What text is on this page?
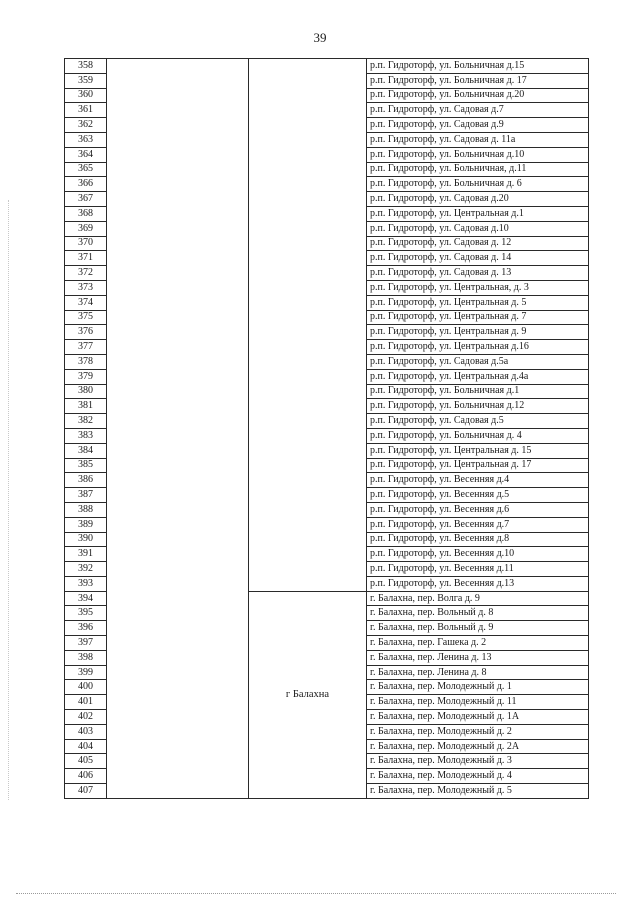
39
358			р.п. Гидроторф, ул. Больничная д.15
359			р.п. Гидроторф, ул. Больничная д. 17
360			р.п. Гидроторф, ул. Больничная д.20
361			р.п. Гидроторф, ул. Садовая д.7
362			р.п. Гидроторф, ул. Садовая д.9
363			р.п. Гидроторф, ул. Садовая д. 11а
364			р.п. Гидроторф, ул. Больничная д.10
365			р.п. Гидроторф, ул. Больничная, д.11
366			р.п. Гидроторф, ул. Больничная д. 6
367			р.п. Гидроторф, ул. Садовая д.20
368			р.п. Гидроторф, ул. Центральная д.1
369			р.п. Гидроторф, ул. Садовая д.10
370			р.п. Гидроторф, ул. Садовая д. 12
371			р.п. Гидроторф, ул. Садовая д. 14
372			р.п. Гидроторф, ул. Садовая д. 13
373			р.п. Гидроторф, ул. Центральная, д. 3
374			р.п. Гидроторф, ул. Центральная д. 5
375			р.п. Гидроторф, ул. Центральная д. 7
376			р.п. Гидроторф, ул. Центральная д. 9
377			р.п. Гидроторф, ул. Центральная д.16
378			р.п. Гидроторф, ул. Садовая д.5а
379			р.п. Гидроторф, ул. Центральная д.4а
380			р.п. Гидроторф, ул. Больничная д.1
381			р.п. Гидроторф, ул. Больничная д.12
382			р.п. Гидроторф, ул. Садовая д.5
383			р.п. Гидроторф, ул. Больничная д. 4
384			р.п. Гидроторф, ул. Центральная д. 15
385			р.п. Гидроторф, ул. Центральная д. 17
386			р.п. Гидроторф, ул. Весенняя д.4
387			р.п. Гидроторф, ул. Весенняя д.5
388			р.п. Гидроторф, ул. Весенняя д.6
389			р.п. Гидроторф, ул. Весенняя д.7
390			р.п. Гидроторф, ул. Весенняя д.8
391			р.п. Гидроторф, ул. Весенняя д.10
392			р.п. Гидроторф, ул. Весенняя д.11
393			р.п. Гидроторф, ул. Весенняя д.13
394		г Балахна	г. Балахна, пер. Волга д. 9
395			г. Балахна, пер. Вольный д. 8
396			г. Балахна, пер. Вольный д. 9
397			г. Балахна, пер. Гашека д. 2
398			г. Балахна, пер. Ленина д. 13
399			г. Балахна, пер. Ленина д. 8
400			г. Балахна, пер. Молодежный д. 1
401			г. Балахна, пер. Молодежный д. 11
402			г. Балахна, пер. Молодежный д. 1А
403			г. Балахна, пер. Молодежный д. 2
404			г. Балахна, пер. Молодежный д. 2А
405			г. Балахна, пер. Молодежный д. 3
406			г. Балахна, пер. Молодежный д. 4
407			г. Балахна, пер. Молодежный д. 5
